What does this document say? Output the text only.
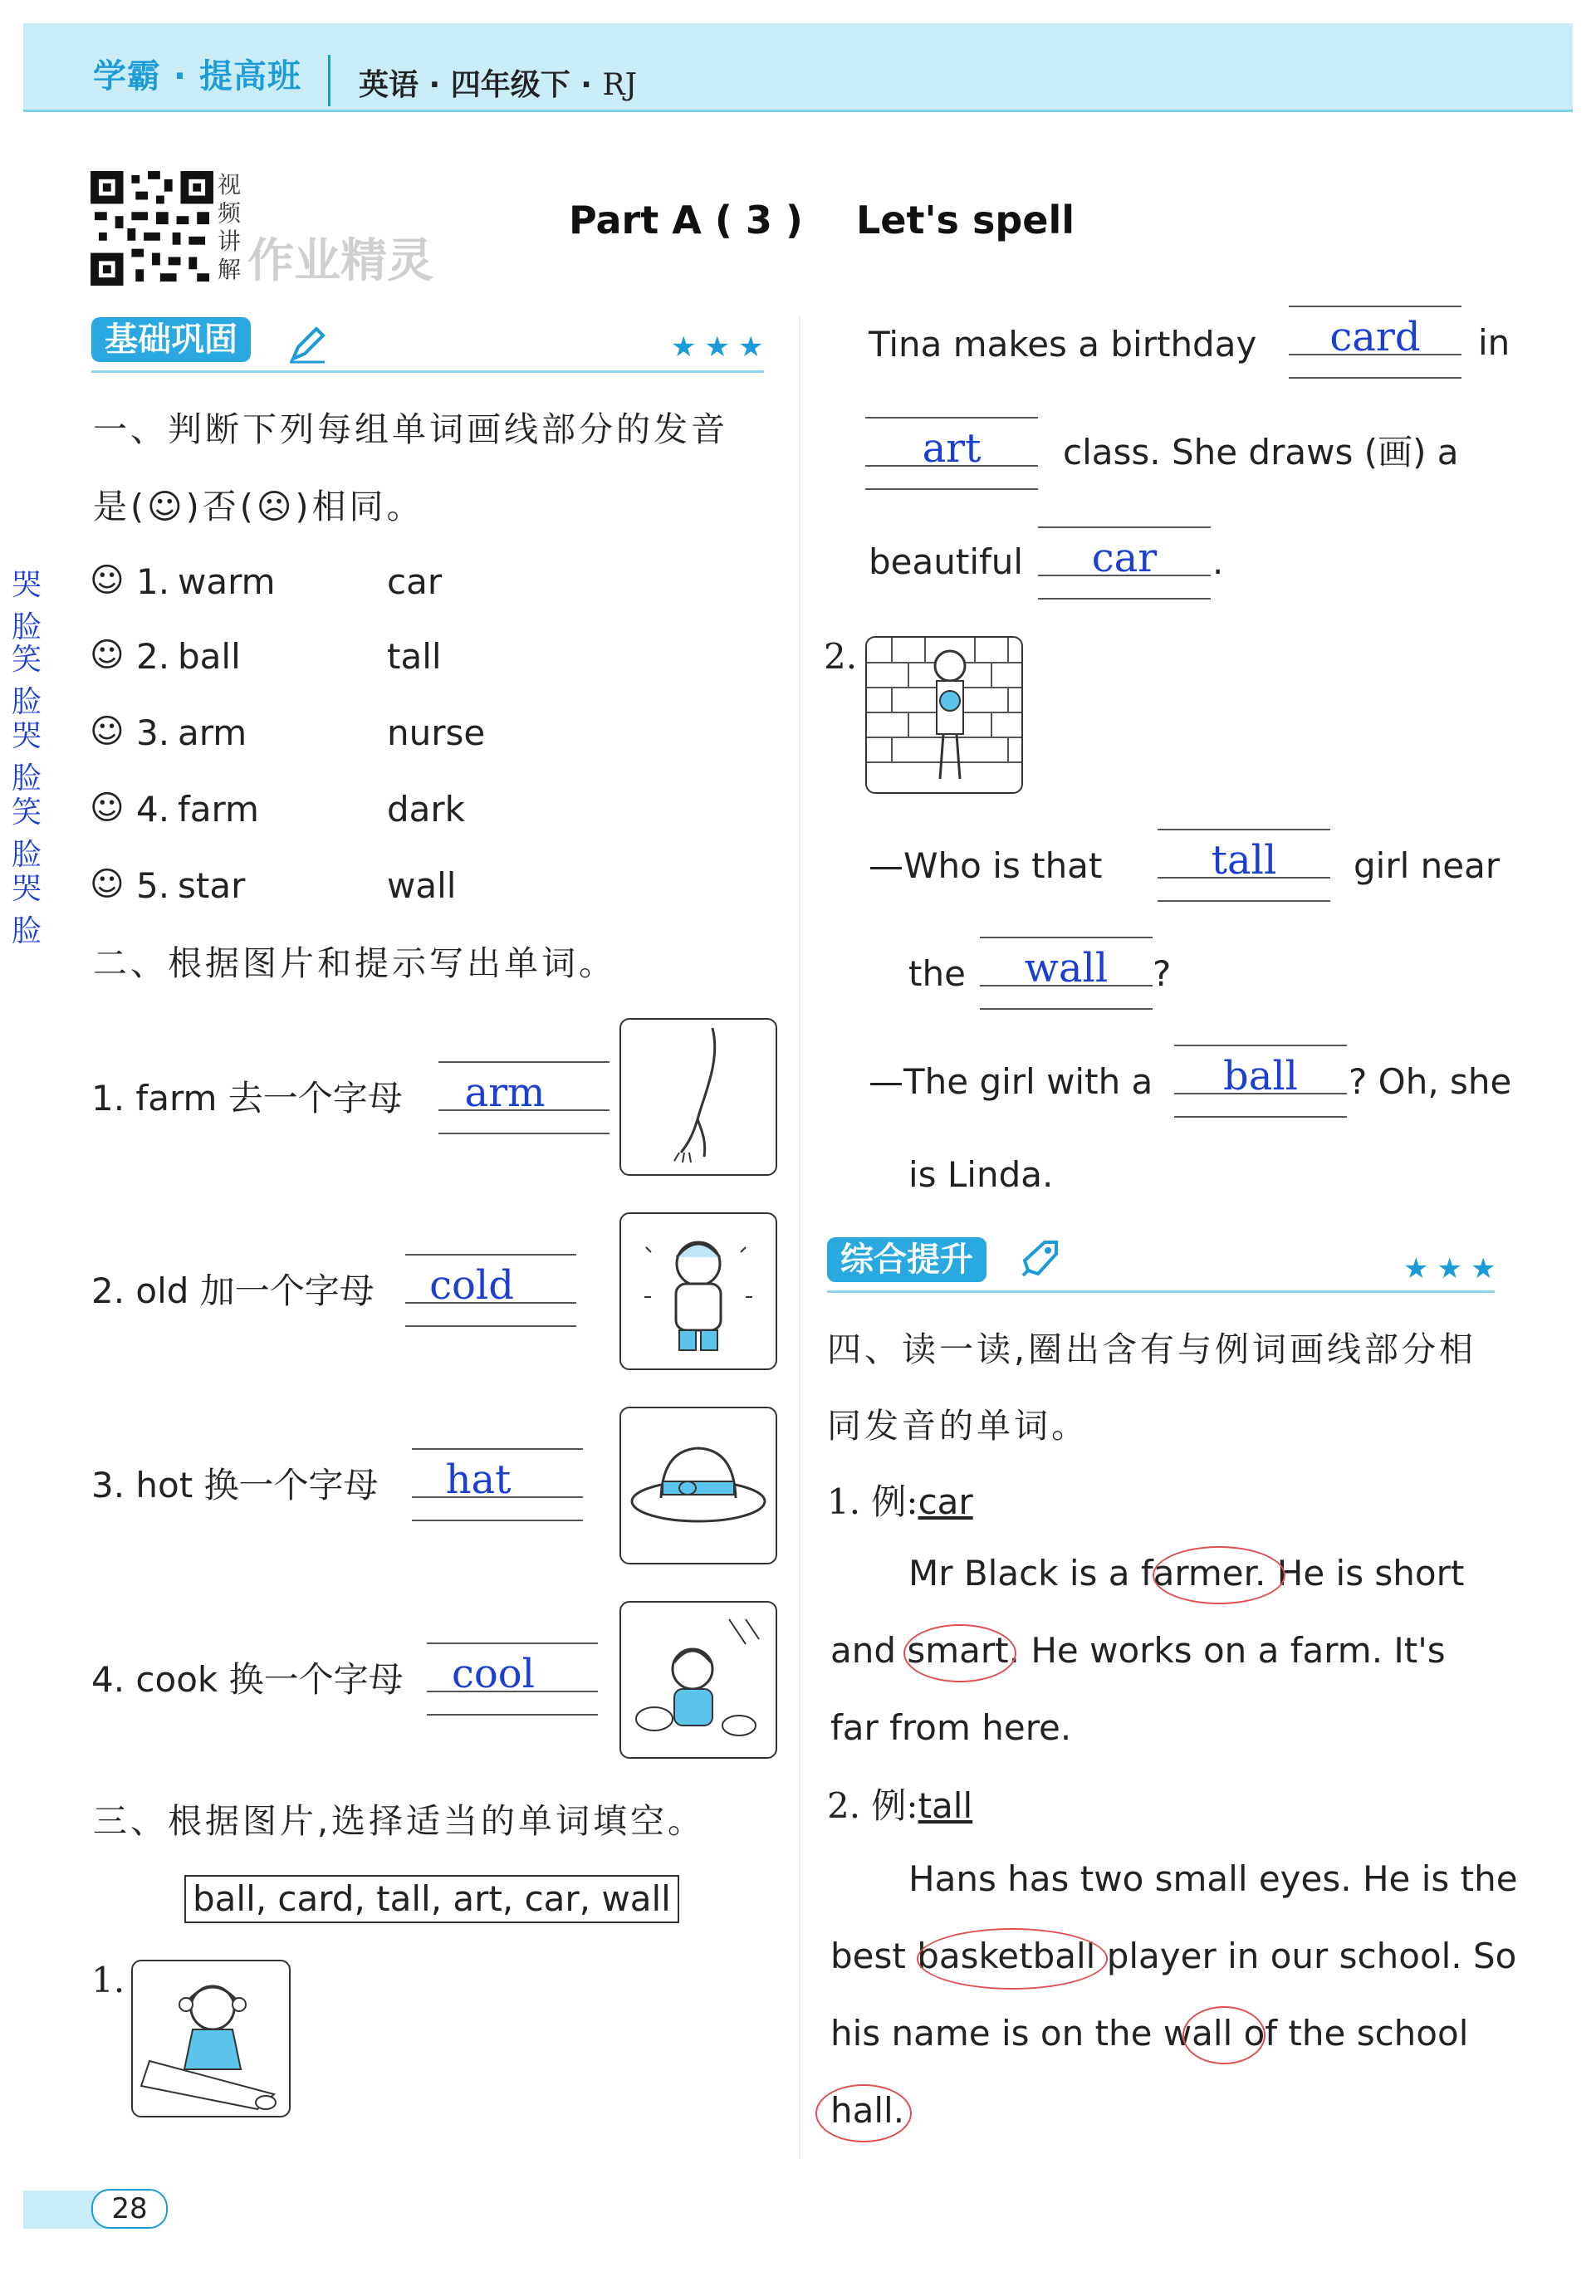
学霸 · 提高班 英语 · 四年级下 · RJ
视
频
讲
解 作业精灵
Part A ( 3 )    Let's spell
基础巩固	★★★
一、判断下列每组单词画线部分的发音
是(☺)否(☹)相同。
哭脸
☺ 1.
warm	car
笑脸
☺ 2.
ball	tall
哭脸
☺ 3.
arm	nurse
笑脸
☺ 4.
farm	dark
哭脸
☺ 5.
star	wall
二、根据图片和提示写出单词。
1. farm 去一个字母	arm
2. old 加一个字母	cold
3. hot 换一个字母	hat
4. cook 换一个字母	cool
三、根据图片,选择适当的单词填空。
ball, card, tall, art, car, wall
1.
Tina makes a birthday	card	in
art	class. She draws (画) a
beautiful	car	.
2.
—Who is that	tall	girl near
the	wall	?
—The girl with a	ball	? Oh, she
is Linda.
综合提升	★★★
四、读一读,圈出含有与例词画线部分相
同发音的单词。
1. 例:car
Mr Black is a farmer. He is short
and smart. He works on a farm. It's
far from here.
2. 例:tall
Hans has two small eyes. He is the
best basketball player in our school. So
his name is on the wall of the school
hall.
28
